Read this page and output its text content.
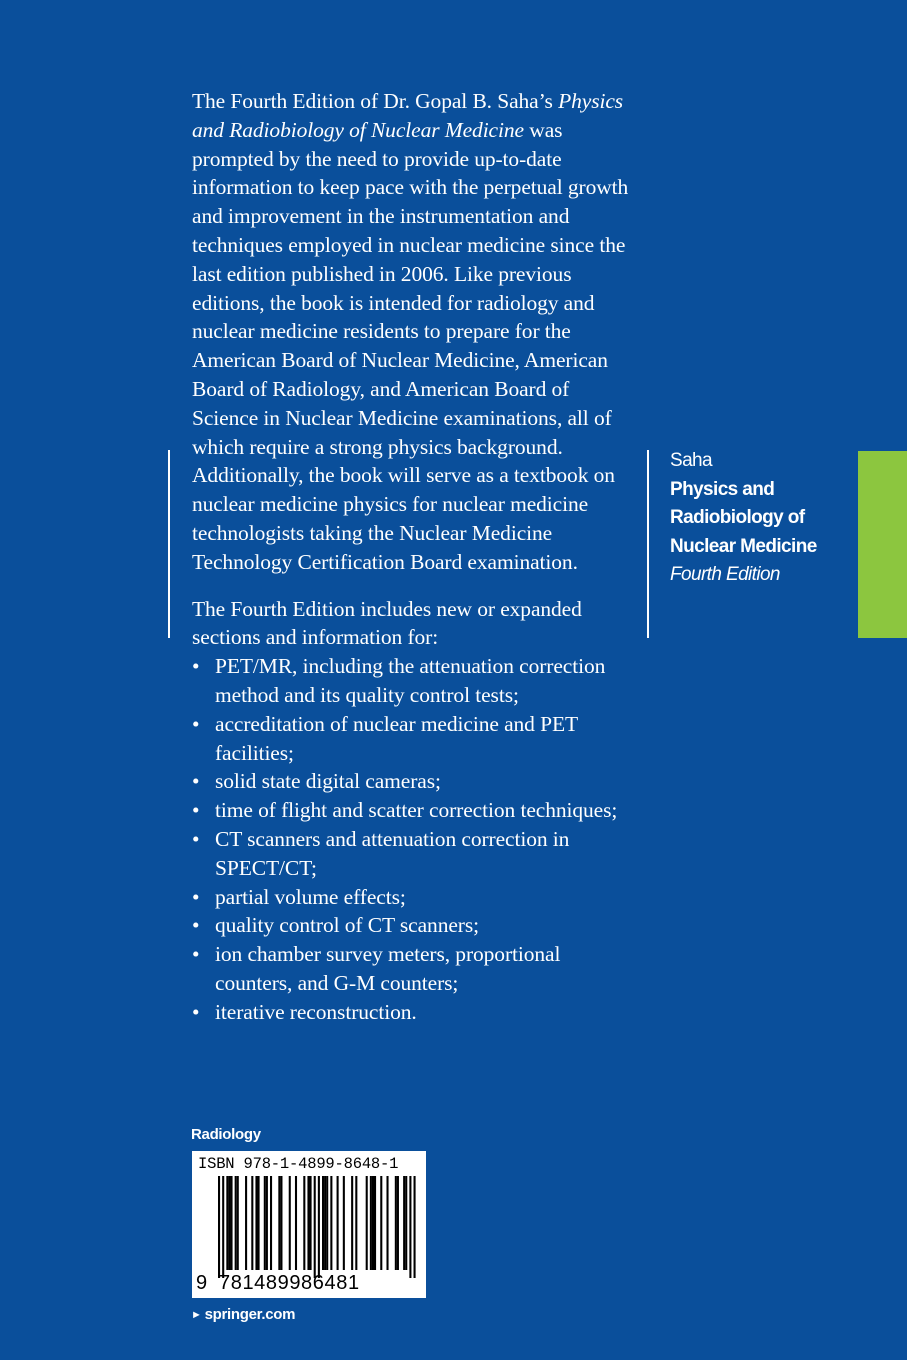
The Fourth Edition of Dr. Gopal B. Saha’s Physics and Radiobiology of Nuclear Medicine was prompted by the need to provide up-to-date information to keep pace with the perpetual growth and improvement in the instrumentation and techniques employed in nuclear medicine since the last edition published in 2006. Like previous editions, the book is intended for radiology and nuclear medicine residents to prepare for the American Board of Nuclear Medicine, American Board of Radiology, and American Board of Science in Nuclear Medicine examinations, all of which require a strong physics background. Additionally, the book will serve as a textbook on nuclear medicine physics for nuclear medicine technologists taking the Nuclear Medicine Technology Certification Board examination.

The Fourth Edition includes new or expanded sections and information for:

• PET/MR, including the attenuation correction method and its quality control tests;
• accreditation of nuclear medicine and PET facilities;
• solid state digital cameras;
• time of flight and scatter correction techniques;
• CT scanners and attenuation correction in SPECT/CT;
• partial volume effects;
• quality control of CT scanners;
• ion chamber survey meters, proportional counters, and G-M counters;
• iterative reconstruction.
Saha
Physics and
Radiobiology of
Nuclear Medicine
Fourth Edition
Radiology
ISBN 978-1-4899-8648-1
9 781489986481
► springer.com
